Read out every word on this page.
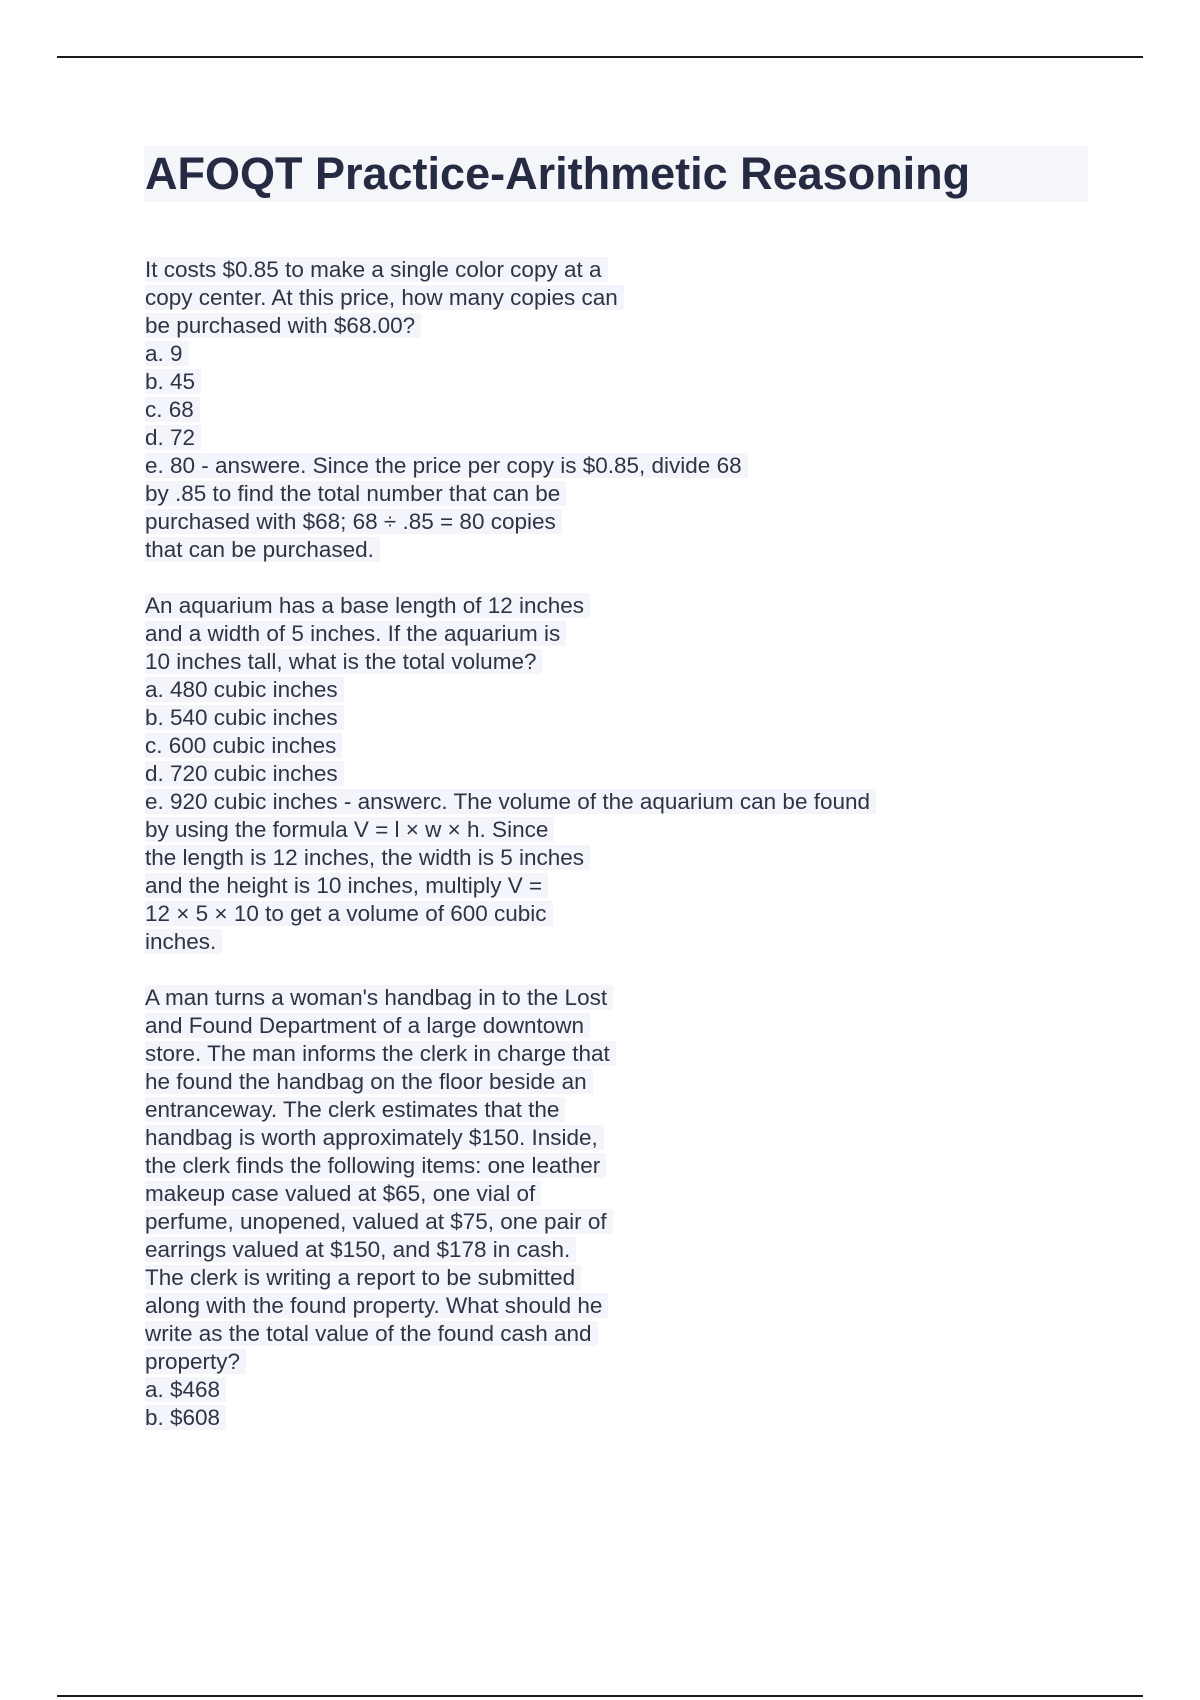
AFOQT Practice-Arithmetic Reasoning
It costs $0.85 to make a single color copy at a
copy center. At this price, how many copies can
be purchased with $68.00?
a. 9
b. 45
c. 68
d. 72
e. 80 - answere. Since the price per copy is $0.85, divide 68
by .85 to find the total number that can be
purchased with $68; 68 ÷ .85 = 80 copies
that can be purchased.
An aquarium has a base length of 12 inches
and a width of 5 inches. If the aquarium is
10 inches tall, what is the total volume?
a. 480 cubic inches
b. 540 cubic inches
c. 600 cubic inches
d. 720 cubic inches
e. 920 cubic inches - answerc. The volume of the aquarium can be found
by using the formula V = l × w × h. Since
the length is 12 inches, the width is 5 inches
and the height is 10 inches, multiply V =
12 × 5 × 10 to get a volume of 600 cubic
inches.
A man turns a woman's handbag in to the Lost
and Found Department of a large downtown
store. The man informs the clerk in charge that
he found the handbag on the floor beside an
entranceway. The clerk estimates that the
handbag is worth approximately $150. Inside,
the clerk finds the following items: one leather
makeup case valued at $65, one vial of
perfume, unopened, valued at $75, one pair of
earrings valued at $150, and $178 in cash.
The clerk is writing a report to be submitted
along with the found property. What should he
write as the total value of the found cash and
property?
a. $468
b. $608
